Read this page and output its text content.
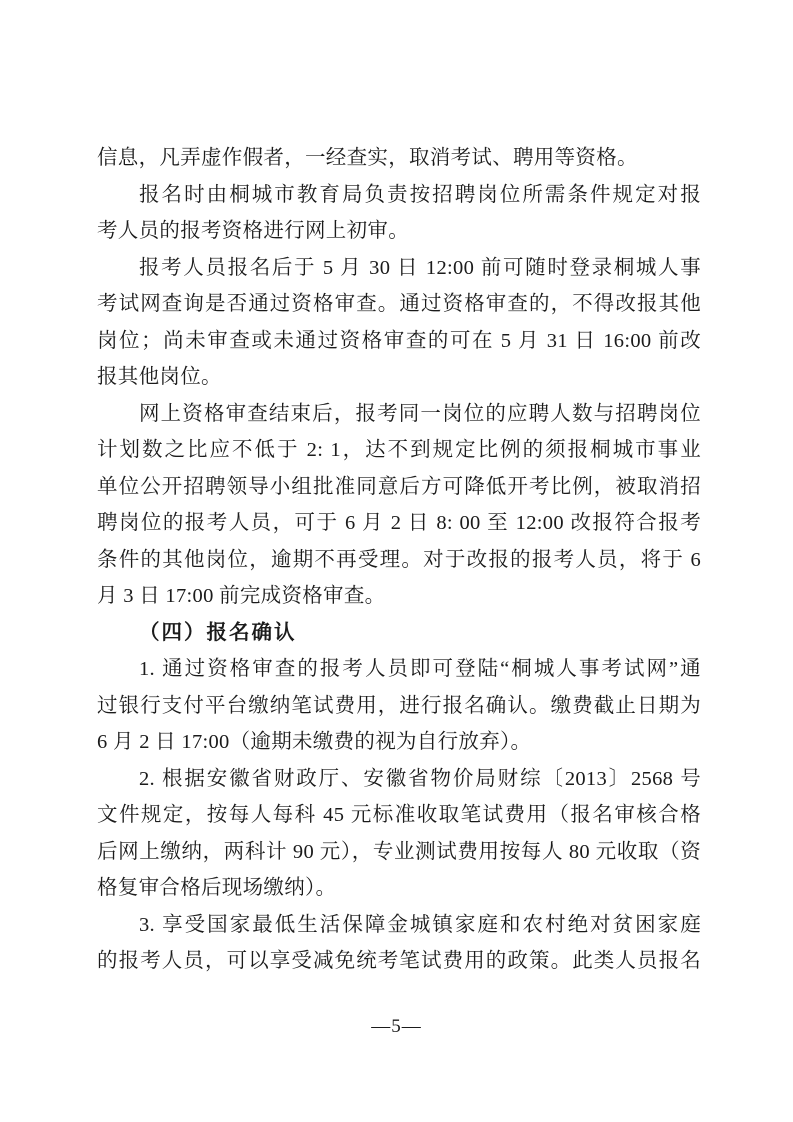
信息，凡弄虚作假者，一经查实，取消考试、聘用等资格。
报名时由桐城市教育局负责按招聘岗位所需条件规定对报
考人员的报考资格进行网上初审。
报考人员报名后于 5 月 30 日 12:00 前可随时登录桐城人事
考试网查询是否通过资格审查。通过资格审查的，不得改报其他
岗位；尚未审查或未通过资格审查的可在 5 月 31 日 16:00 前改
报其他岗位。
网上资格审查结束后，报考同一岗位的应聘人数与招聘岗位
计划数之比应不低于 2: 1，达不到规定比例的须报桐城市事业
单位公开招聘领导小组批准同意后方可降低开考比例，被取消招
聘岗位的报考人员，可于 6 月 2 日 8: 00 至 12:00 改报符合报考
条件的其他岗位，逾期不再受理。对于改报的报考人员，将于 6
月 3 日 17:00 前完成资格审查。
（四）报名确认
1. 通过资格审查的报考人员即可登陆“桐城人事考试网”通
过银行支付平台缴纳笔试费用，进行报名确认。缴费截止日期为
6 月 2 日 17:00（逾期未缴费的视为自行放弃）。
2. 根据安徽省财政厅、安徽省物价局财综〔2013〕2568 号
文件规定，按每人每科 45 元标准收取笔试费用（报名审核合格
后网上缴纳，两科计 90 元），专业测试费用按每人 80 元收取（资
格复审合格后现场缴纳）。
3. 享受国家最低生活保障金城镇家庭和农村绝对贫困家庭
的报考人员，可以享受减免统考笔试费用的政策。此类人员报名
—5—
